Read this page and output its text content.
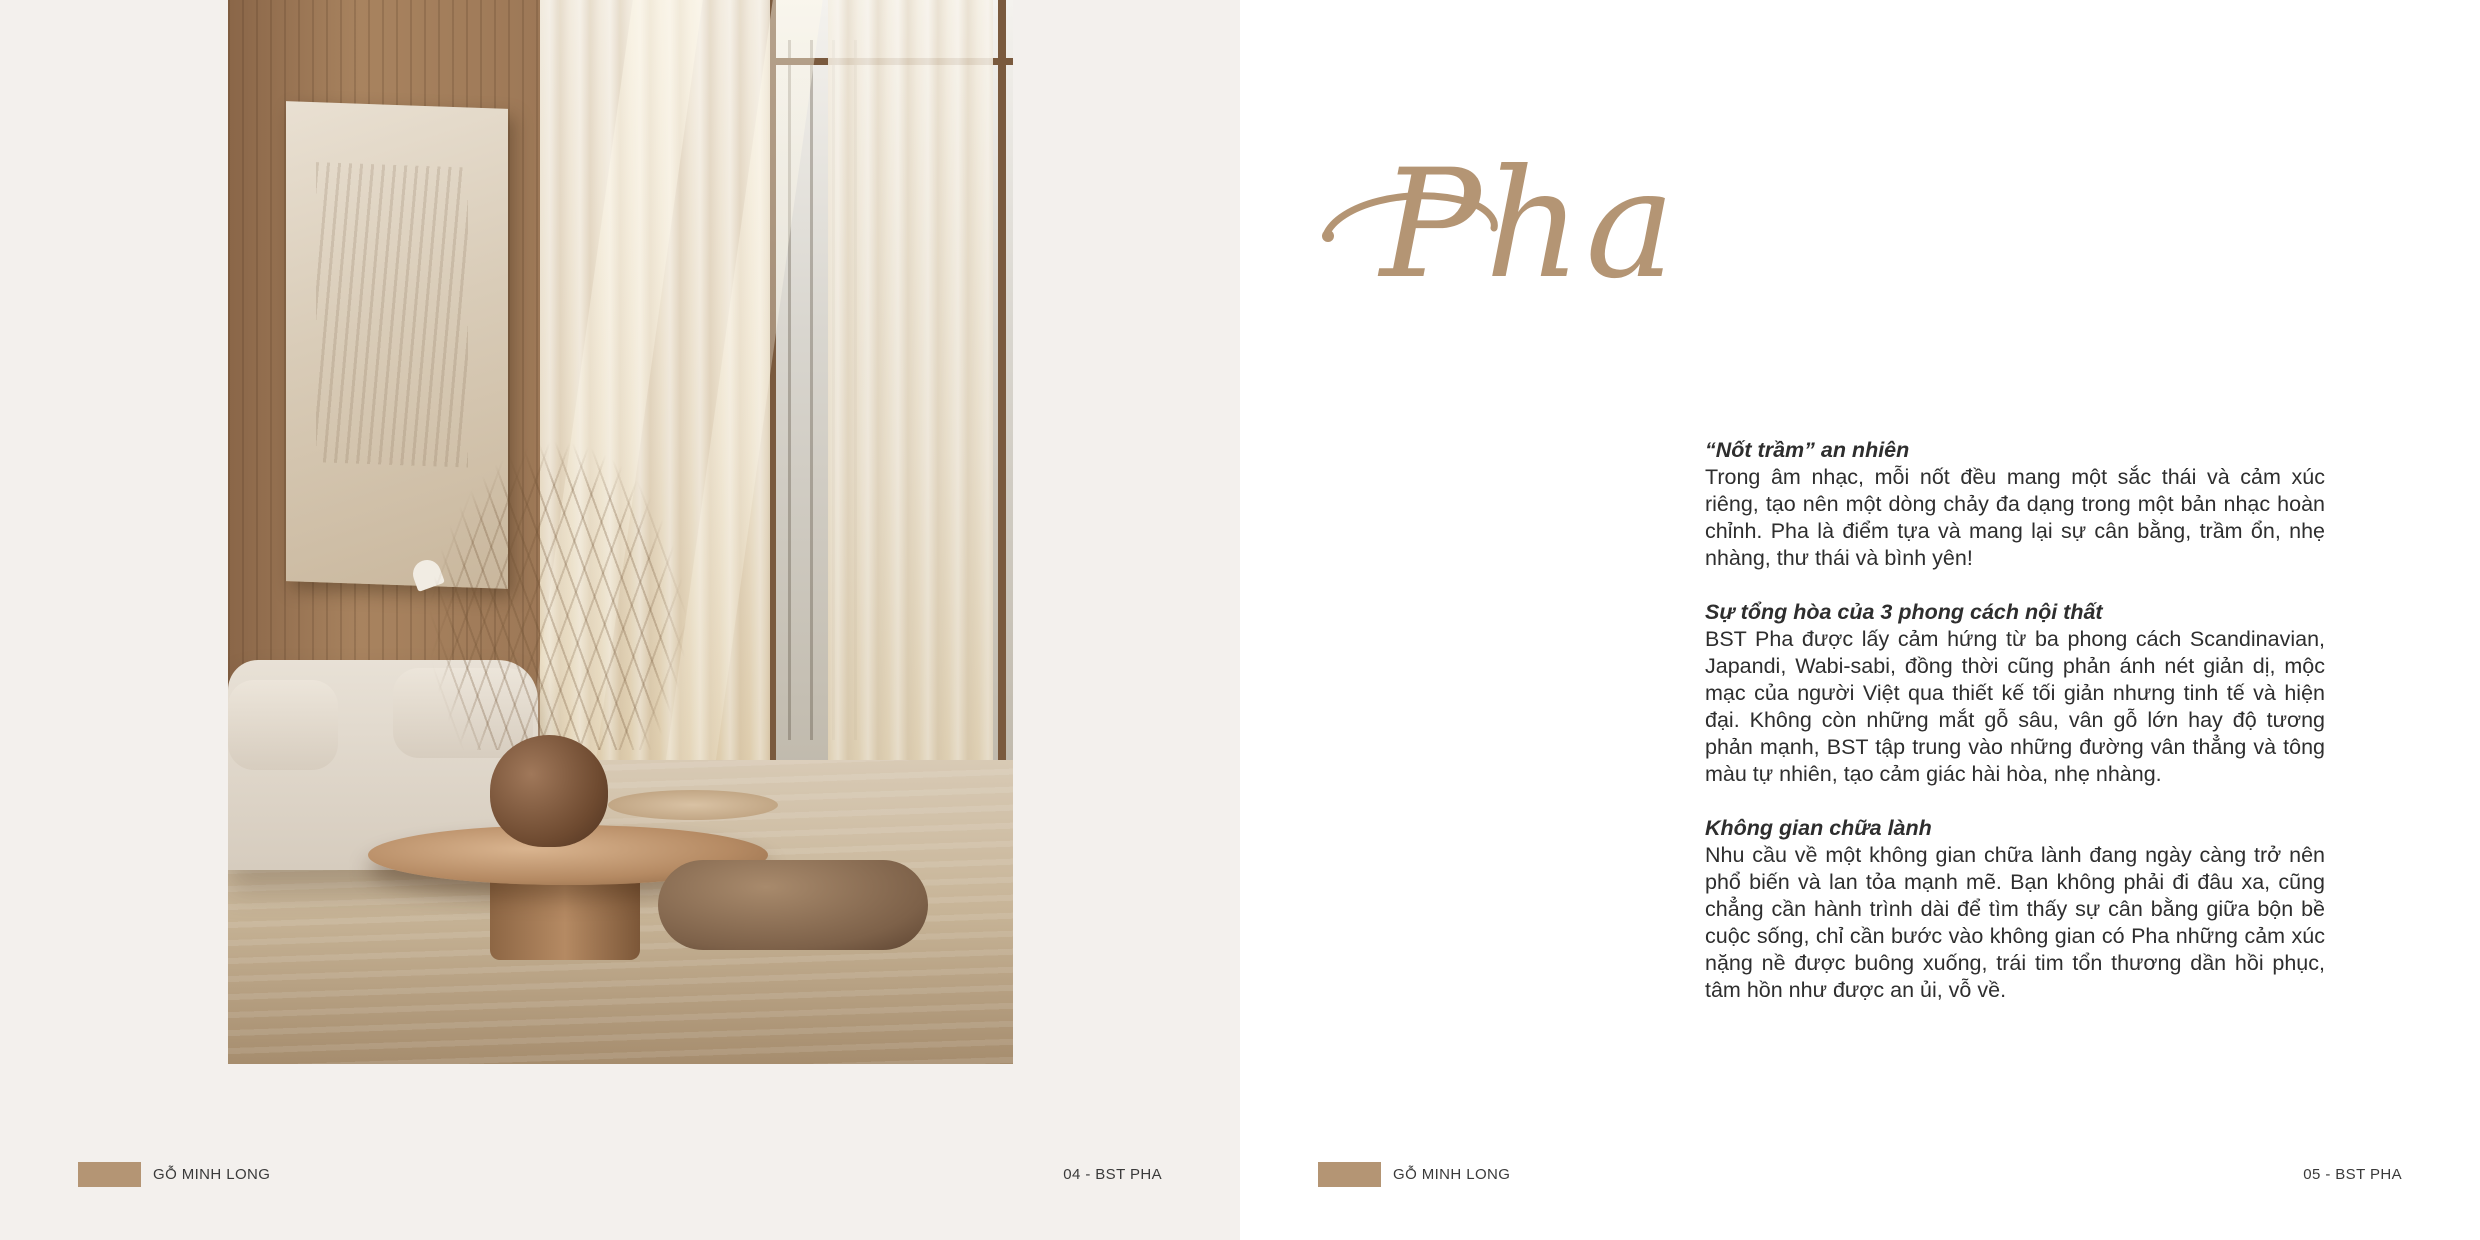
GỖ MINH LONG	04 - BST PHA
Pha

“Nốt trầm” an nhiên

Trong âm nhạc, mỗi nốt đều mang một sắc thái và cảm xúc riêng, tạo nên một dòng chảy đa dạng trong một bản nhạc hoàn chỉnh. Pha là điểm tựa và mang lại sự cân bằng, trầm ổn, nhẹ nhàng, thư thái và bình yên!

Sự tổng hòa của 3 phong cách nội thất

BST Pha được lấy cảm hứng từ ba phong cách Scandinavian, Japandi, Wabi-sabi, đồng thời cũng phản ánh nét giản dị, mộc mạc của người Việt qua thiết kế tối giản nhưng tinh tế và hiện đại. Không còn những mắt gỗ sâu, vân gỗ lớn hay độ tương phản mạnh, BST tập trung vào những đường vân thẳng và tông màu tự nhiên, tạo cảm giác hài hòa, nhẹ nhàng.

Không gian chữa lành

Nhu cầu về một không gian chữa lành đang ngày càng trở nên phổ biến và lan tỏa mạnh mẽ. Bạn không phải đi đâu xa, cũng chẳng cần hành trình dài để tìm thấy sự cân bằng giữa bộn bề cuộc sống, chỉ cần bước vào không gian có Pha những cảm xúc nặng nề được buông xuống, trái tim tổn thương dần hồi phục, tâm hồn như được an ủi, vỗ về.

GỖ MINH LONG	05 - BST PHA
